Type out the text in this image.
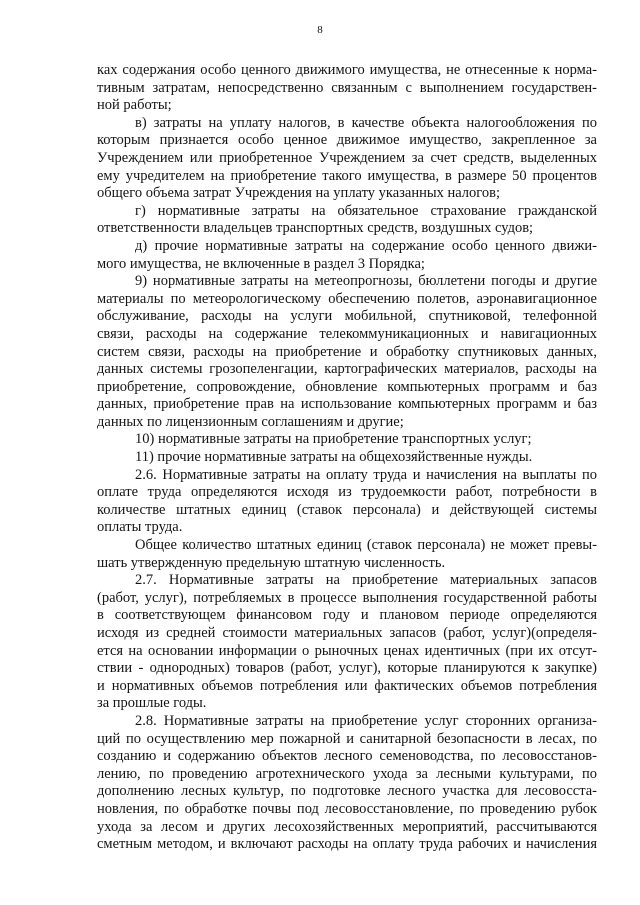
8

ках содержания особо ценного движимого имущества, не отнесенные к норма-

тивным затратам, непосредственно связанным с выполнением государствен-

ной работы;

в) затраты на уплату налогов, в качестве объекта налогообложения по

которым признается особо ценное движимое имущество, закрепленное за

Учреждением или приобретенное Учреждением за счет средств, выделенных

ему учредителем на приобретение такого имущества, в размере 50 процентов

общего объема затрат Учреждения на уплату указанных налогов;

г) нормативные затраты на обязательное страхование гражданской

ответственности владельцев транспортных средств, воздушных судов;

д) прочие нормативные затраты на содержание особо ценного движи-

мого имущества, не включенные в раздел 3 Порядка;

9) нормативные затраты на метеопрогнозы, бюллетени погоды и другие

материалы по метеорологическому обеспечению полетов, аэронавигационное

обслуживание, расходы на услуги мобильной, спутниковой, телефонной

связи, расходы на содержание телекоммуникационных и навигационных

систем связи, расходы на приобретение и обработку спутниковых данных,

данных системы грозопеленгации, картографических материалов, расходы на

приобретение, сопровождение, обновление компьютерных программ и баз

данных, приобретение прав на использование компьютерных программ и баз

данных по лицензионным соглашениям и другие;

10) нормативные затраты на приобретение транспортных услуг;

11) прочие нормативные затраты на общехозяйственные нужды.

2.6. Нормативные затраты на оплату труда и начисления на выплаты по

оплате труда определяются исходя из трудоемкости работ, потребности в

количестве штатных единиц (ставок персонала) и действующей системы

оплаты труда.

Общее количество штатных единиц (ставок персонала) не может превы-

шать утвержденную предельную штатную численность.

2.7. Нормативные затраты на приобретение материальных запасов

(работ, услуг), потребляемых в процессе выполнения государственной работы

в соответствующем финансовом году и плановом периоде определяются

исходя из средней стоимости материальных запасов (работ, услуг)(определя-

ется на основании информации о рыночных ценах идентичных (при их отсут-

ствии - однородных) товаров (работ, услуг), которые планируются к закупке)

и нормативных объемов потребления или фактических объемов потребления

за прошлые годы.

2.8. Нормативные затраты на приобретение услуг сторонних организа-

ций по осуществлению мер пожарной и санитарной безопасности в лесах, по

созданию и содержанию объектов лесного семеноводства, по лесовосстанов-

лению, по проведению агротехнического ухода за лесными культурами, по

дополнению лесных культур, по подготовке лесного участка для лесовосста-

новления, по обработке почвы под лесовосстановление, по проведению рубок

ухода за лесом и других лесохозяйственных мероприятий, рассчитываются

сметным методом, и включают расходы на оплату труда рабочих и начисления
